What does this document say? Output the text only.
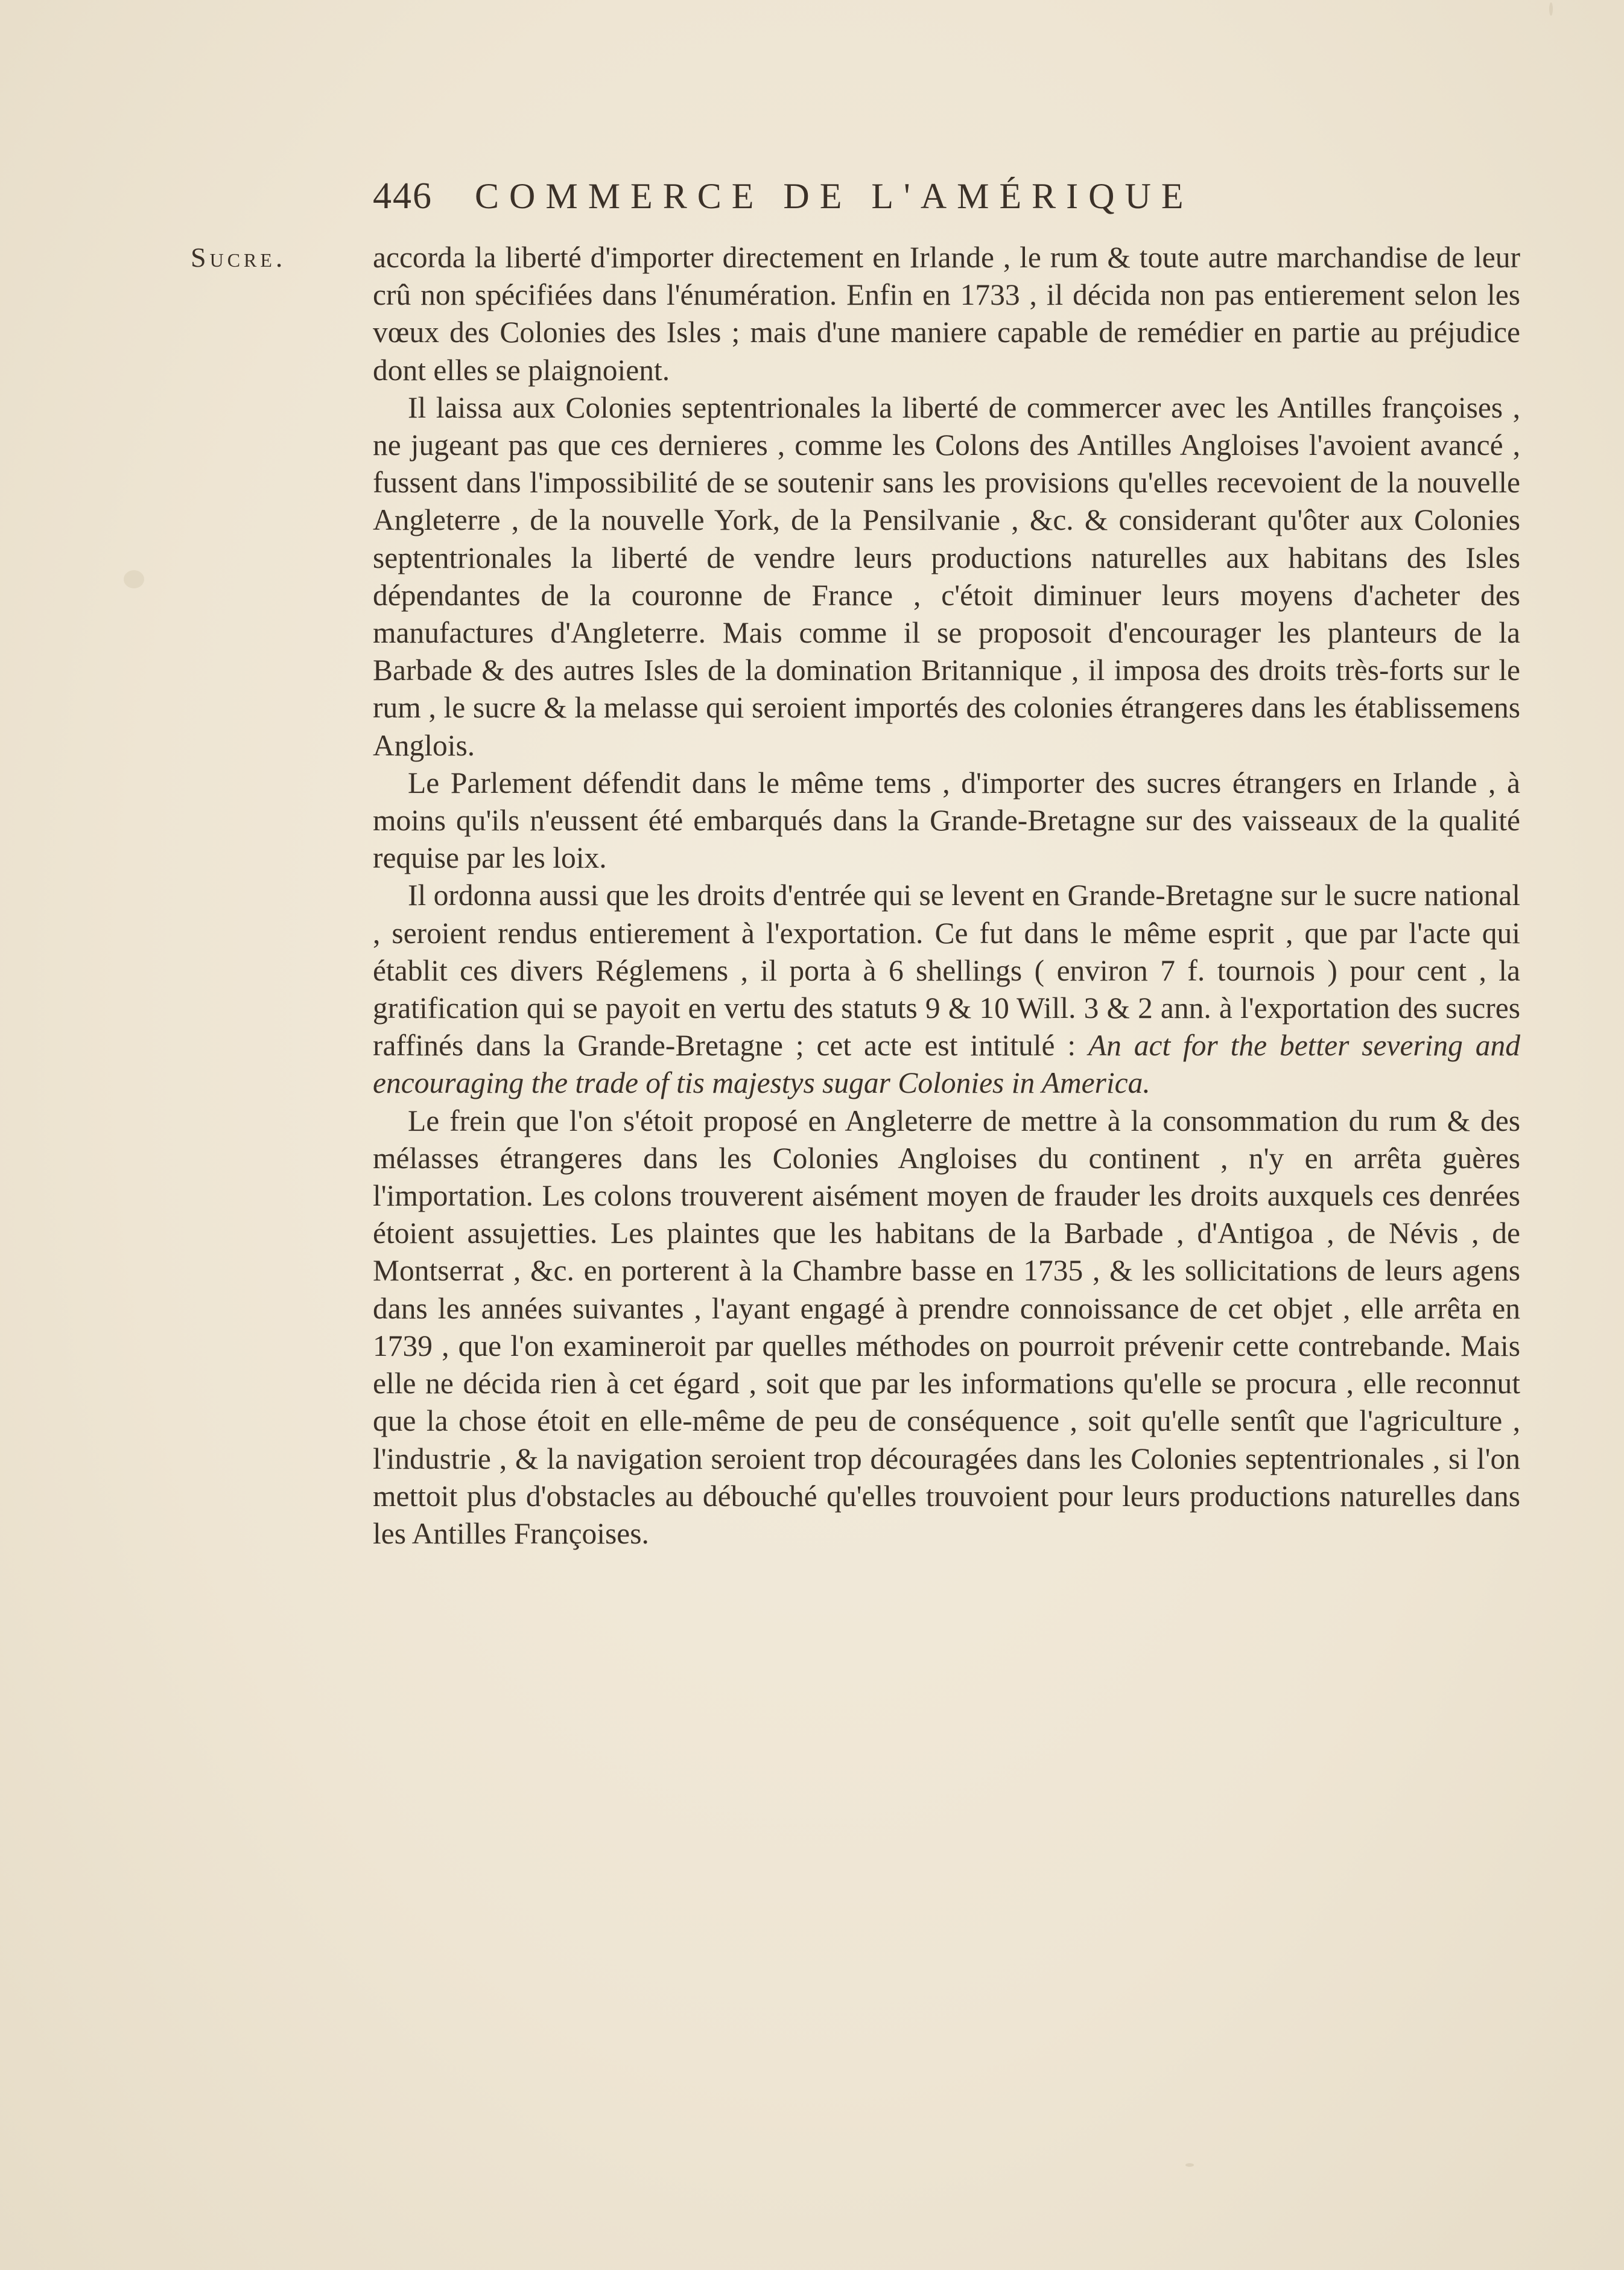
446 COMMERCE DE L'AMÉRIQUE
Sucre.	accorda la liberté d'importer directement en Irlande , le rum & toute autre marchandise de leur crû non spécifiées dans l'énumération. Enfin en 1733 , il décida non pas entierement selon les vœux des Colonies des Isles ; mais d'une maniere capable de remédier en partie au préjudice dont elles se plaignoient.

Il laissa aux Colonies septentrionales la liberté de commercer avec les Antilles françoises , ne jugeant pas que ces dernieres , comme les Colons des Antilles Angloises l'avoient avancé , fussent dans l'impossibilité de se soutenir sans les provisions qu'elles recevoient de la nouvelle Angleterre , de la nouvelle York, de la Pensilvanie , &c. & considerant qu'ôter aux Colonies septentrionales la liberté de vendre leurs productions naturelles aux habitans des Isles dépendantes de la couronne de France , c'étoit diminuer leurs moyens d'acheter des manufactures d'Angleterre. Mais comme il se proposoit d'encourager les planteurs de la Barbade & des autres Isles de la domination Britannique , il imposa des droits très-forts sur le rum , le sucre & la melasse qui seroient importés des colonies étrangeres dans les établissemens Anglois.

Le Parlement défendit dans le même tems , d'importer des sucres étrangers en Irlande , à moins qu'ils n'eussent été embarqués dans la Grande-Bretagne sur des vaisseaux de la qualité requise par les loix.

Il ordonna aussi que les droits d'entrée qui se levent en Grande-Bretagne sur le sucre national , seroient rendus entierement à l'exportation. Ce fut dans le même esprit , que par l'acte qui établit ces divers Réglemens , il porta à 6 shellings ( environ 7 f. tournois ) pour cent , la gratification qui se payoit en vertu des statuts 9 & 10 Will. 3 & 2 ann. à l'exportation des sucres raffinés dans la Grande-Bretagne ; cet acte est intitulé : An act for the better severing and encouraging the trade of tis majestys sugar Colonies in America.

Le frein que l'on s'étoit proposé en Angleterre de mettre à la consommation du rum & des mélasses étrangeres dans les Colonies Angloises du continent , n'y en arrêta guères l'importation. Les colons trouverent aisément moyen de frauder les droits auxquels ces denrées étoient assujetties. Les plaintes que les habitans de la Barbade , d'Antigoa , de Névis , de Montserrat , &c. en porterent à la Chambre basse en 1735 , & les sollicitations de leurs agens dans les années suivantes , l'ayant engagé à prendre connoissance de cet objet , elle arrêta en 1739 , que l'on examineroit par quelles méthodes on pourroit prévenir cette contrebande. Mais elle ne décida rien à cet égard , soit que par les informations qu'elle se procura , elle reconnut que la chose étoit en elle-même de peu de conséquence , soit qu'elle sentît que l'agriculture , l'industrie , & la navigation seroient trop découragées dans les Colonies septentrionales , si l'on mettoit plus d'obstacles au débouché qu'elles trouvoient pour leurs productions naturelles dans les Antilles Françoises.
